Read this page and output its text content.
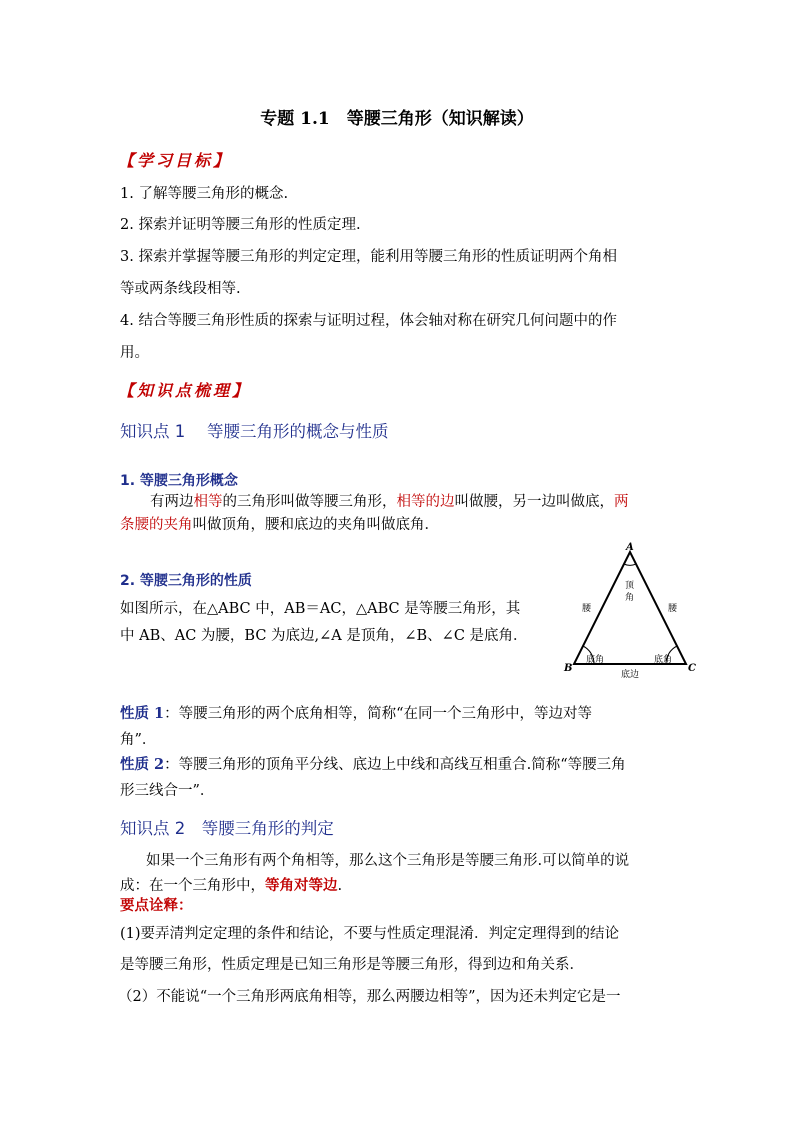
专题 1.1　等腰三角形（知识解读）
【学习目标】
1. 了解等腰三角形的概念.
2. 探索并证明等腰三角形的性质定理.
3. 探索并掌握等腰三角形的判定定理，能利用等腰三角形的性质证明两个角相
等或两条线段相等.
4. 结合等腰三角形性质的探索与证明过程，体会轴对称在研究几何问题中的作
用。
【知识点梳理】
知识点 1　 等腰三角形的概念与性质
1. 等腰三角形概念
有两边相等的三角形叫做等腰三角形，相等的边叫做腰，另一边叫做底，两
条腰的夹角叫做顶角，腰和底边的夹角叫做底角．
2. 等腰三角形的性质
如图所示，在△ABC 中，AB＝AC，△ABC 是等腰三角形，其
中 AB、AC 为腰，BC 为底边,∠A 是顶角，∠B、∠C 是底角．
A
B	C
顶
角
腰	腰
底角	底角
底边
性质 1：等腰三角形的两个底角相等，简称“在同一个三角形中，等边对等
角”．
性质 2：等腰三角形的顶角平分线、底边上中线和高线互相重合.简称“等腰三角
形三线合一”．
知识点 2　等腰三角形的判定
如果一个三角形有两个角相等，那么这个三角形是等腰三角形.可以简单的说
成：在一个三角形中，等角对等边.
要点诠释：
(1)要弄清判定定理的条件和结论，不要与性质定理混淆．判定定理得到的结论
是等腰三角形，性质定理是已知三角形是等腰三角形，得到边和角关系．
（2）不能说“一个三角形两底角相等，那么两腰边相等”，因为还未判定它是一
